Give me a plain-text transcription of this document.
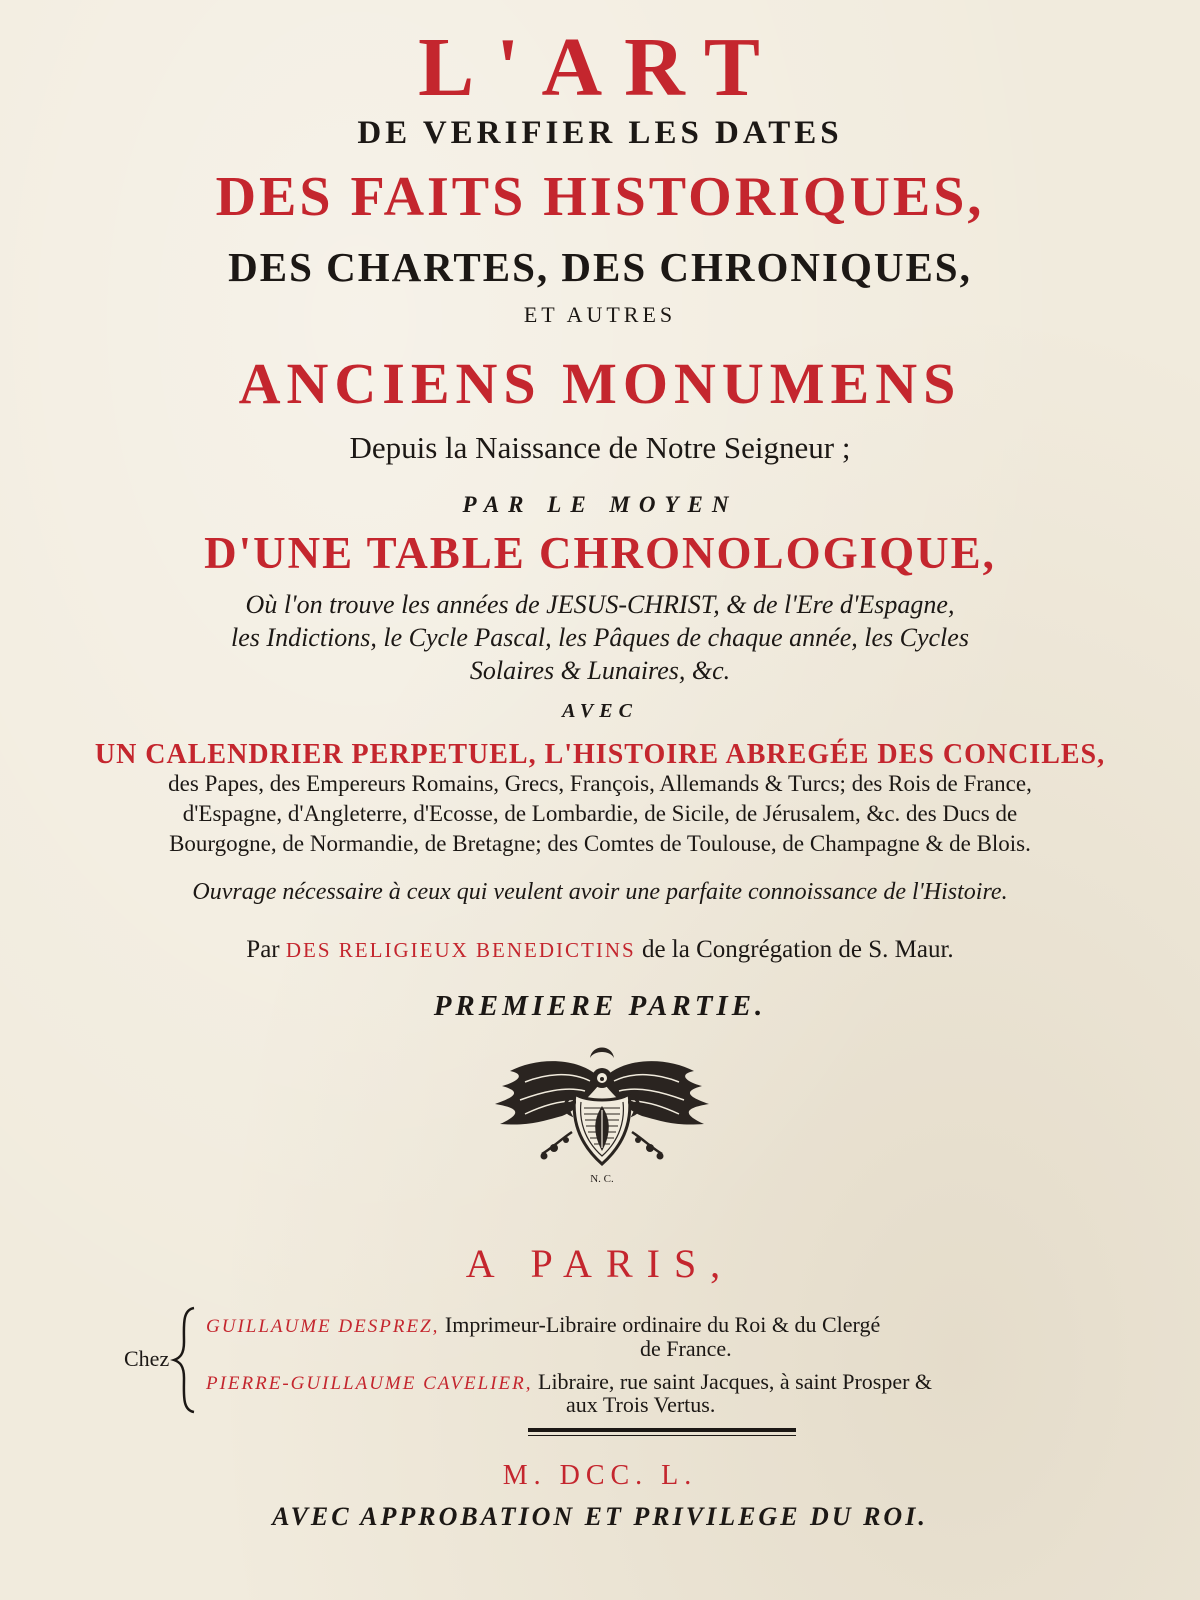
L'ART
DE VERIFIER LES DATES
DES FAITS HISTORIQUES,
DES CHARTES, DES CHRONIQUES,
ET AUTRES
ANCIENS MONUMENS
Depuis la Naissance de Notre Seigneur ;
PAR LE MOYEN
D'UNE TABLE CHRONOLOGIQUE,
Où l'on trouve les années de JESUS-CHRIST, & de l'Ere d'Espagne,
les Indictions, le Cycle Pascal, les Pâques de chaque année, les Cycles
Solaires & Lunaires, &c.
AVEC
UN CALENDRIER PERPETUEL, L'HISTOIRE ABREGÉE DES CONCILES,
des Papes, des Empereurs Romains, Grecs, François, Allemands & Turcs; des Rois de France,
d'Espagne, d'Angleterre, d'Ecosse, de Lombardie, de Sicile, de Jérusalem, &c. des Ducs de
Bourgogne, de Normandie, de Bretagne; des Comtes de Toulouse, de Champagne & de Blois.
Ouvrage nécessaire à ceux qui veulent avoir une parfaite connoissance de l'Histoire.
Par DES RELIGIEUX BENEDICTINS de la Congrégation de S. Maur.
PREMIERE PARTIE.
N. C.
A PARIS,
Chez
GUILLAUME DESPREZ, Imprimeur-Libraire ordinaire du Roi & du Clergé
de France.
PIERRE-GUILLAUME CAVELIER, Libraire, rue saint Jacques, à saint Prosper &
aux Trois Vertus.
M. DCC. L.
AVEC APPROBATION ET PRIVILEGE DU ROI.
